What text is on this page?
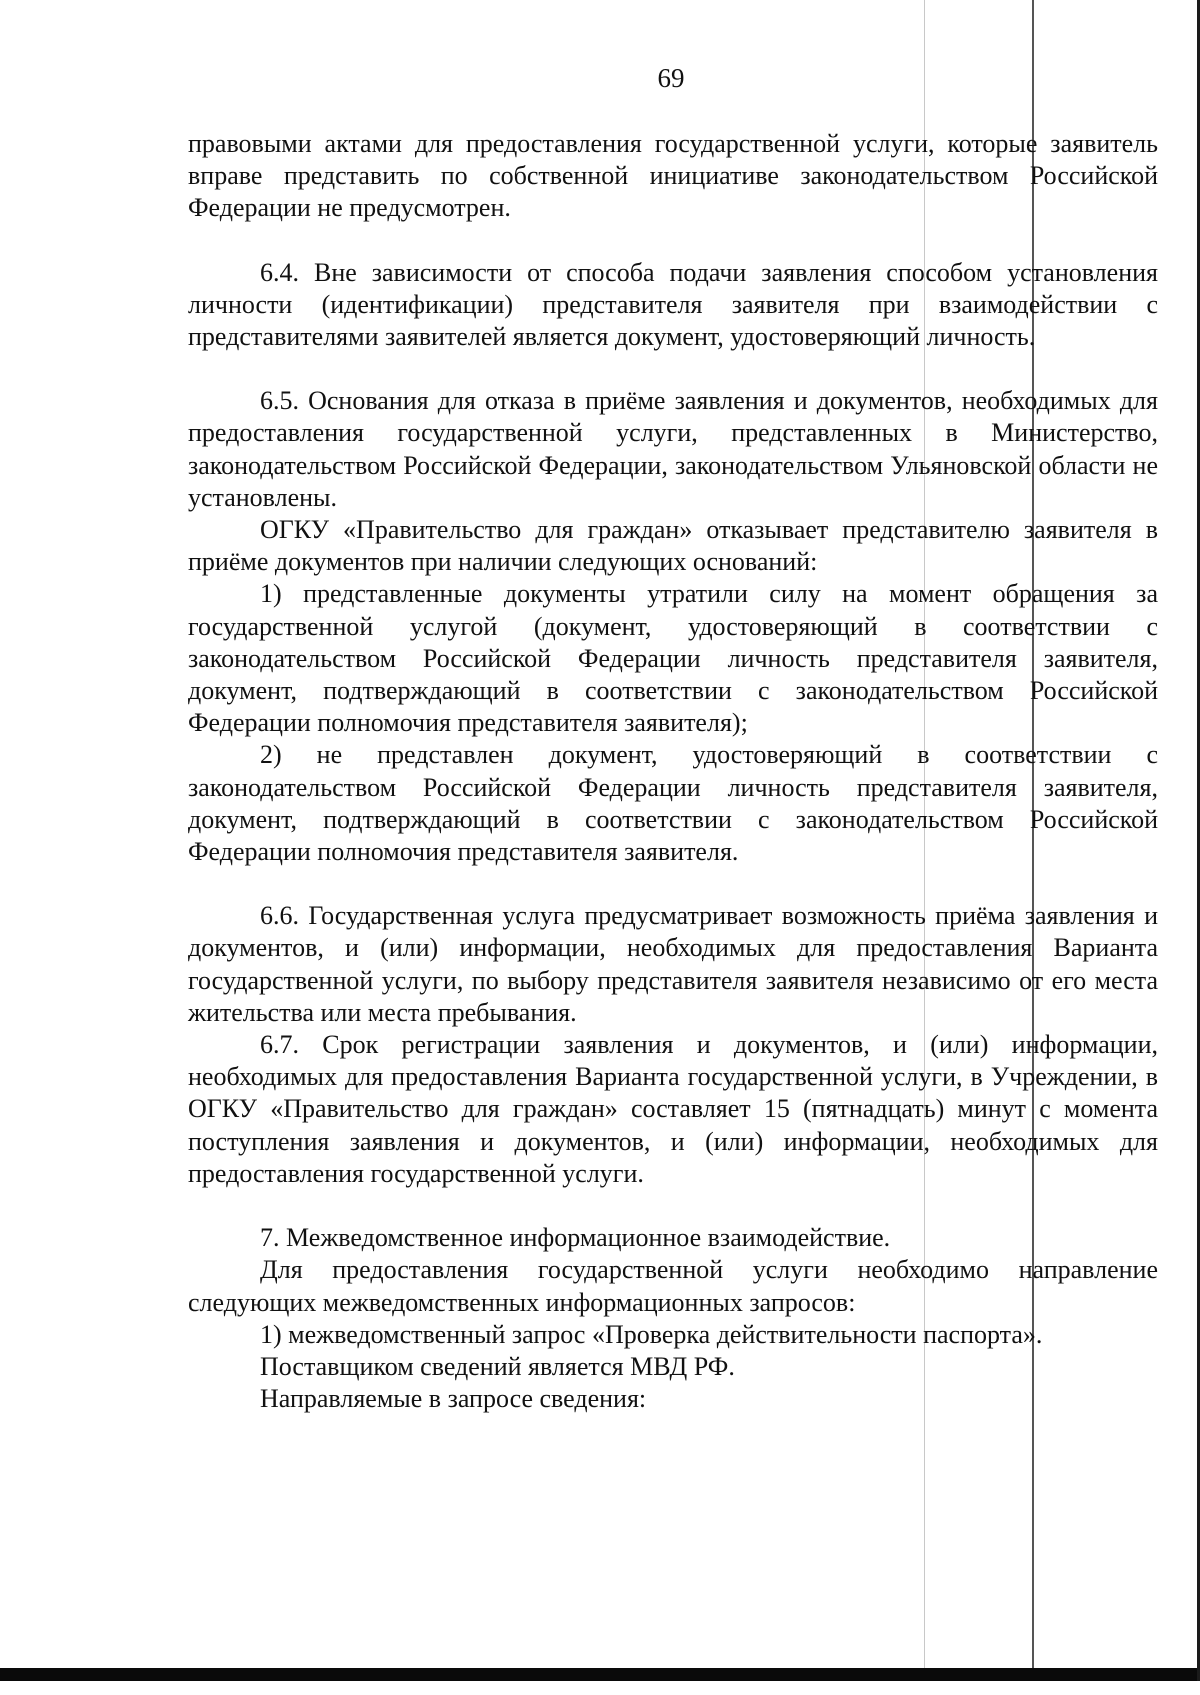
69

правовыми актами для предоставления государственной услуги, которые заявитель вправе представить по собственной инициативе законодательством Российской Федерации не предусмотрен.

6.4. Вне зависимости от способа подачи заявления способом установления личности (идентификации) представителя заявителя при взаимодействии с представителями заявителей является документ, удостоверяющий личность.

6.5. Основания для отказа в приёме заявления и документов, необходимых для предоставления государственной услуги, представленных в Министерство, законодательством Российской Федерации, законодательством Ульяновской области не установлены.

ОГКУ «Правительство для граждан» отказывает представителю заявителя в приёме документов при наличии следующих оснований:

1) представленные документы утратили силу на момент обращения за государственной услугой (документ, удостоверяющий в соответствии с законодательством Российской Федерации личность представителя заявителя, документ, подтверждающий в соответствии с законодательством Российской Федерации полномочия представителя заявителя);

2) не представлен документ, удостоверяющий в соответствии с законодательством Российской Федерации личность представителя заявителя, документ, подтверждающий в соответствии с законодательством Российской Федерации полномочия представителя заявителя.

6.6. Государственная услуга предусматривает возможность приёма заявления и документов, и (или) информации, необходимых для предоставления Варианта государственной услуги, по выбору представителя заявителя независимо от его места жительства или места пребывания.

6.7. Срок регистрации заявления и документов, и (или) информации, необходимых для предоставления Варианта государственной услуги, в Учреждении, в ОГКУ «Правительство для граждан» составляет 15 (пятнадцать) минут с момента поступления заявления и документов, и (или) информации, необходимых для предоставления государственной услуги.

7. Межведомственное информационное взаимодействие.

Для предоставления государственной услуги необходимо направление следующих межведомственных информационных запросов:

1) межведомственный запрос «Проверка действительности паспорта».

Поставщиком сведений является МВД РФ.

Направляемые в запросе сведения:
